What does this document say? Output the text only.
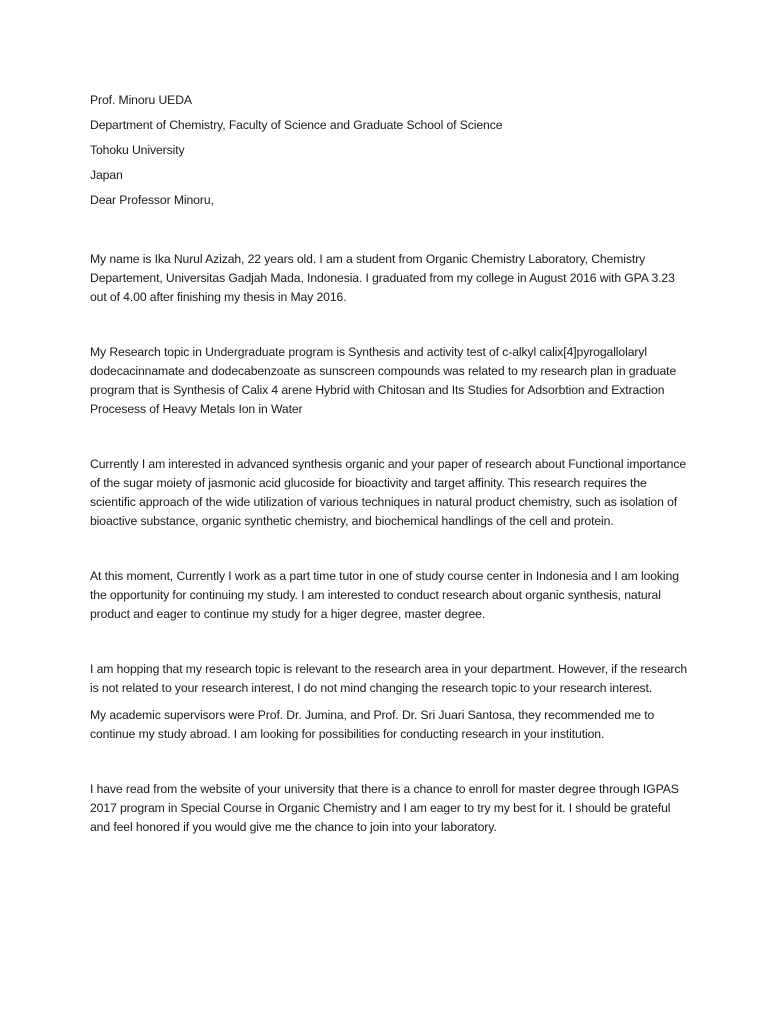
Prof. Minoru UEDA
Department of Chemistry, Faculty of Science and Graduate School of Science
Tohoku University
Japan
Dear Professor Minoru,

My name is Ika Nurul Azizah, 22 years old. I am a student from Organic Chemistry Laboratory, Chemistry Departement, Universitas Gadjah Mada, Indonesia. I graduated from my college in August 2016 with GPA 3.23 out of 4.00 after finishing my thesis in May 2016.

My Research topic in Undergraduate program is Synthesis and activity test of c-alkyl calix[4]pyrogallolaryl dodecacinnamate and dodecabenzoate as sunscreen compounds was related to my research plan in graduate program that is Synthesis of Calix 4 arene Hybrid with Chitosan and Its Studies for Adsorbtion and Extraction Procesess of Heavy Metals Ion in Water

Currently I am interested in advanced synthesis organic and your paper of research about Functional importance of the sugar moiety of jasmonic acid glucoside for bioactivity and target affinity. This research requires the scientific approach of the wide utilization of various techniques in natural product chemistry, such as isolation of bioactive substance, organic synthetic chemistry, and biochemical handlings of the cell and protein.

At this moment, Currently I work as a part time tutor in one of study course center in Indonesia and I am looking the opportunity for continuing my study. I am interested to conduct research about organic synthesis, natural product and eager to continue my study for a higer degree, master degree.

I am hopping that my research topic is relevant to the research area in your department. However, if the research is not related to your research interest, I do not mind changing the research topic to your research interest.

My academic supervisors were Prof. Dr. Jumina, and Prof. Dr. Sri Juari Santosa, they recommended me to continue my study abroad. I am looking for possibilities for conducting research in your institution.

I have read from the website of your university that there is a chance to enroll for master degree through IGPAS 2017 program in Special Course in Organic Chemistry and I am eager to try my best for it. I should be grateful and feel honored if you would give me the chance to join into your laboratory.
